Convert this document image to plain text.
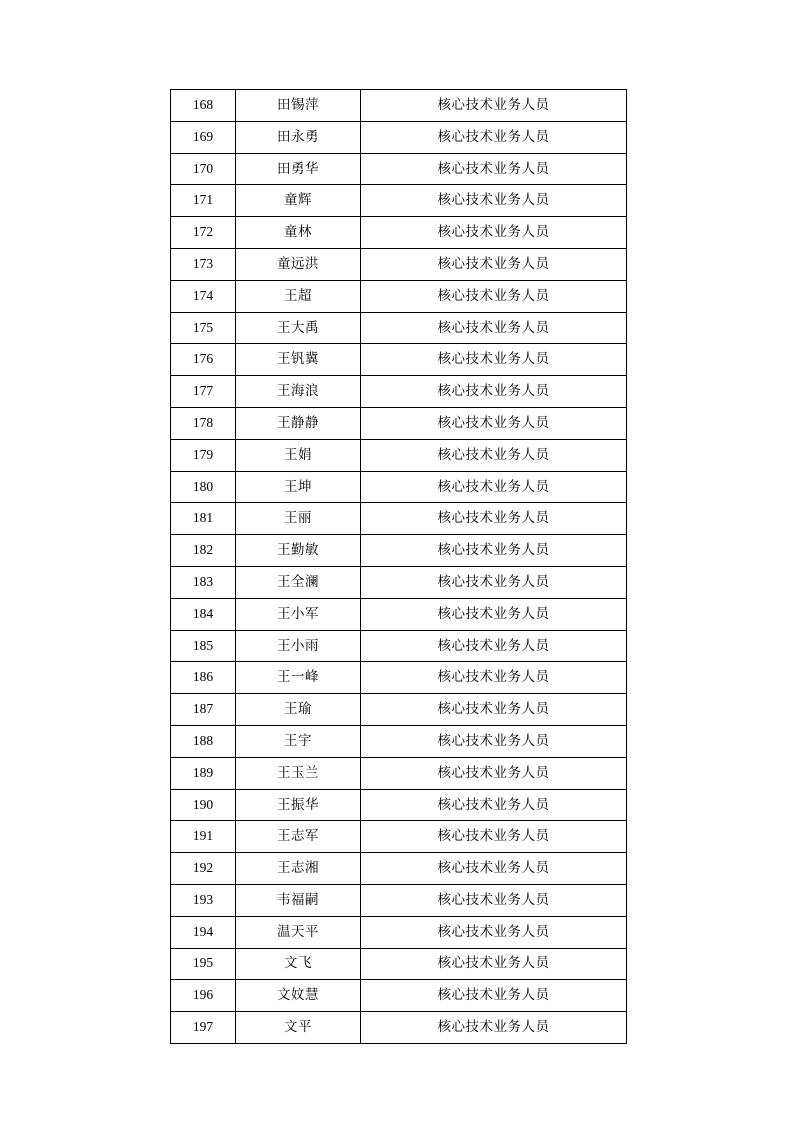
168	田锡萍	核心技术业务人员
169	田永勇	核心技术业务人员
170	田勇华	核心技术业务人员
171	童辉	核心技术业务人员
172	童林	核心技术业务人员
173	童远洪	核心技术业务人员
174	王超	核心技术业务人员
175	王大禹	核心技术业务人员
176	王钒冀	核心技术业务人员
177	王海浪	核心技术业务人员
178	王静静	核心技术业务人员
179	王娟	核心技术业务人员
180	王坤	核心技术业务人员
181	王丽	核心技术业务人员
182	王勤敏	核心技术业务人员
183	王全澜	核心技术业务人员
184	王小军	核心技术业务人员
185	王小雨	核心技术业务人员
186	王一峰	核心技术业务人员
187	王瑜	核心技术业务人员
188	王宇	核心技术业务人员
189	王玉兰	核心技术业务人员
190	王振华	核心技术业务人员
191	王志军	核心技术业务人员
192	王志湘	核心技术业务人员
193	韦福嗣	核心技术业务人员
194	温天平	核心技术业务人员
195	文飞	核心技术业务人员
196	文妏慧	核心技术业务人员
197	文平	核心技术业务人员
